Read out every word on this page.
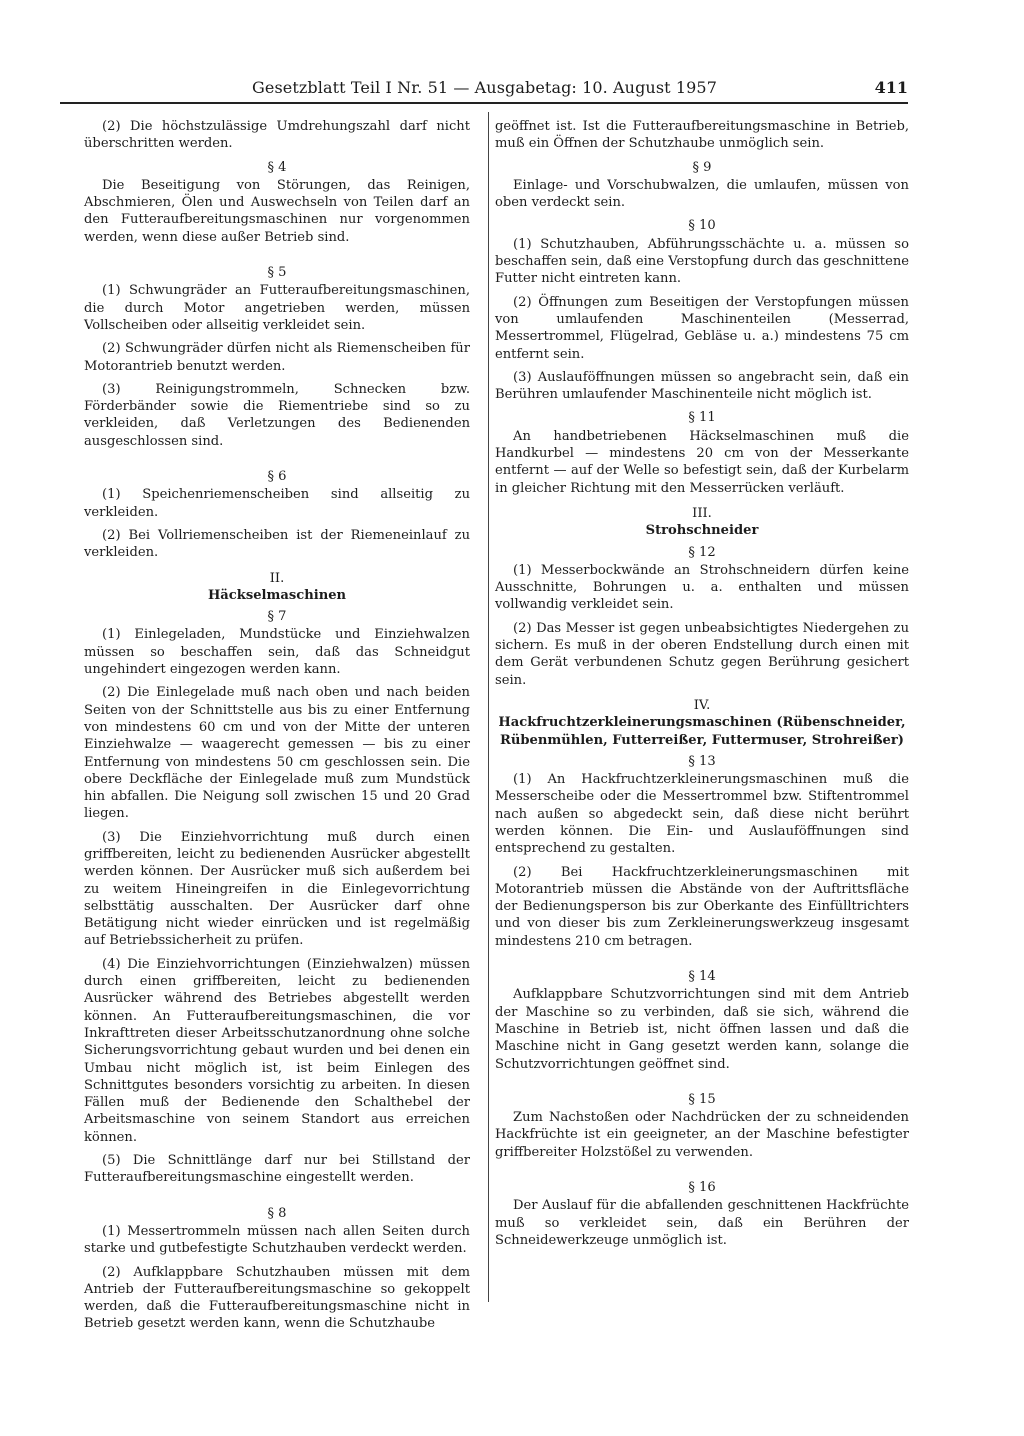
Gesetzblatt Teil I Nr. 51 — Ausgabetag: 10. August 1957	411

(2) Die höchstzulässige Umdrehungszahl darf nicht überschritten werden.

§ 4

Die Beseitigung von Störungen, das Reinigen, Abschmieren, Ölen und Auswechseln von Teilen darf an den Futteraufbereitungsmaschinen nur vorgenommen werden, wenn diese außer Betrieb sind.

§ 5

(1) Schwungräder an Futteraufbereitungsmaschinen, die durch Motor angetrieben werden, müssen Vollscheiben oder allseitig verkleidet sein.

(2) Schwungräder dürfen nicht als Riemenscheiben für Motorantrieb benutzt werden.

(3) Reinigungstrommeln, Schnecken bzw. Förderbänder sowie die Riementriebe sind so zu verkleiden, daß Verletzungen des Bedienenden ausgeschlossen sind.

§ 6

(1) Speichenriemenscheiben sind allseitig zu verkleiden.

(2) Bei Vollriemenscheiben ist der Riemeneinlauf zu verkleiden.

II.
Häckselmaschinen
§ 7

(1) Einlegeladen, Mundstücke und Einziehwalzen müssen so beschaffen sein, daß das Schneidgut ungehindert eingezogen werden kann.

(2) Die Einlegelade muß nach oben und nach beiden Seiten von der Schnittstelle aus bis zu einer Entfernung von mindestens 60 cm und von der Mitte der unteren Einziehwalze — waagerecht gemessen — bis zu einer Entfernung von mindestens 50 cm geschlossen sein. Die obere Deckfläche der Einlegelade muß zum Mundstück hin abfallen. Die Neigung soll zwischen 15 und 20 Grad liegen.

(3) Die Einziehvorrichtung muß durch einen griffbereiten, leicht zu bedienenden Ausrücker abgestellt werden können. Der Ausrücker muß sich außerdem bei zu weitem Hineingreifen in die Einlegevorrichtung selbsttätig ausschalten. Der Ausrücker darf ohne Betätigung nicht wieder einrücken und ist regelmäßig auf Betriebssicherheit zu prüfen.

(4) Die Einziehvorrichtungen (Einziehwalzen) müssen durch einen griffbereiten, leicht zu bedienenden Ausrücker während des Betriebes abgestellt werden können. An Futteraufbereitungsmaschinen, die vor Inkrafttreten dieser Arbeitsschutzanordnung ohne solche Sicherungsvorrichtung gebaut wurden und bei denen ein Umbau nicht möglich ist, ist beim Einlegen des Schnittgutes besonders vorsichtig zu arbeiten. In diesen Fällen muß der Bedienende den Schalthebel der Arbeitsmaschine von seinem Standort aus erreichen können.

(5) Die Schnittlänge darf nur bei Stillstand der Futteraufbereitungsmaschine eingestellt werden.

§ 8

(1) Messertrommeln müssen nach allen Seiten durch starke und gutbefestigte Schutzhauben verdeckt werden.

(2) Aufklappbare Schutzhauben müssen mit dem Antrieb der Futteraufbereitungsmaschine so gekoppelt werden, daß die Futteraufbereitungsmaschine nicht in Betrieb gesetzt werden kann, wenn die Schutzhaube

geöffnet ist. Ist die Futteraufbereitungsmaschine in Betrieb, muß ein Öffnen der Schutzhaube unmöglich sein.

§ 9

Einlage- und Vorschubwalzen, die umlaufen, müssen von oben verdeckt sein.

§ 10

(1) Schutzhauben, Abführungsschächte u. a. müssen so beschaffen sein, daß eine Verstopfung durch das geschnittene Futter nicht eintreten kann.

(2) Öffnungen zum Beseitigen der Verstopfungen müssen von umlaufenden Maschinenteilen (Messerrad, Messertrommel, Flügelrad, Gebläse u. a.) mindestens 75 cm entfernt sein.

(3) Auslauföffnungen müssen so angebracht sein, daß ein Berühren umlaufender Maschinenteile nicht möglich ist.

§ 11

An handbetriebenen Häckselmaschinen muß die Handkurbel — mindestens 20 cm von der Messerkante entfernt — auf der Welle so befestigt sein, daß der Kurbelarm in gleicher Richtung mit den Messerrücken verläuft.

III.
Strohschneider
§ 12

(1) Messerbockwände an Strohschneidern dürfen keine Ausschnitte, Bohrungen u. a. enthalten und müssen vollwandig verkleidet sein.

(2) Das Messer ist gegen unbeabsichtigtes Niedergehen zu sichern. Es muß in der oberen Endstellung durch einen mit dem Gerät verbundenen Schutz gegen Berührung gesichert sein.

IV.
Hackfruchtzerkleinerungsmaschinen (Rübenschneider, Rübenmühlen, Futterreißer, Futtermuser, Strohreißer)
§ 13

(1) An Hackfruchtzerkleinerungsmaschinen muß die Messerscheibe oder die Messertrommel bzw. Stiftentrommel nach außen so abgedeckt sein, daß diese nicht berührt werden können. Die Ein- und Auslauföffnungen sind entsprechend zu gestalten.

(2) Bei Hackfruchtzerkleinerungsmaschinen mit Motorantrieb müssen die Abstände von der Auftrittsfläche der Bedienungsperson bis zur Oberkante des Einfülltrichters und von dieser bis zum Zerkleinerungswerkzeug insgesamt mindestens 210 cm betragen.

§ 14

Aufklappbare Schutzvorrichtungen sind mit dem Antrieb der Maschine so zu verbinden, daß sie sich, während die Maschine in Betrieb ist, nicht öffnen lassen und daß die Maschine nicht in Gang gesetzt werden kann, solange die Schutzvorrichtungen geöffnet sind.

§ 15

Zum Nachstoßen oder Nachdrücken der zu schneidenden Hackfrüchte ist ein geeigneter, an der Maschine befestigter griffbereiter Holzstößel zu verwenden.

§ 16

Der Auslauf für die abfallenden geschnittenen Hackfrüchte muß so verkleidet sein, daß ein Berühren der Schneidewerkzeuge unmöglich ist.
